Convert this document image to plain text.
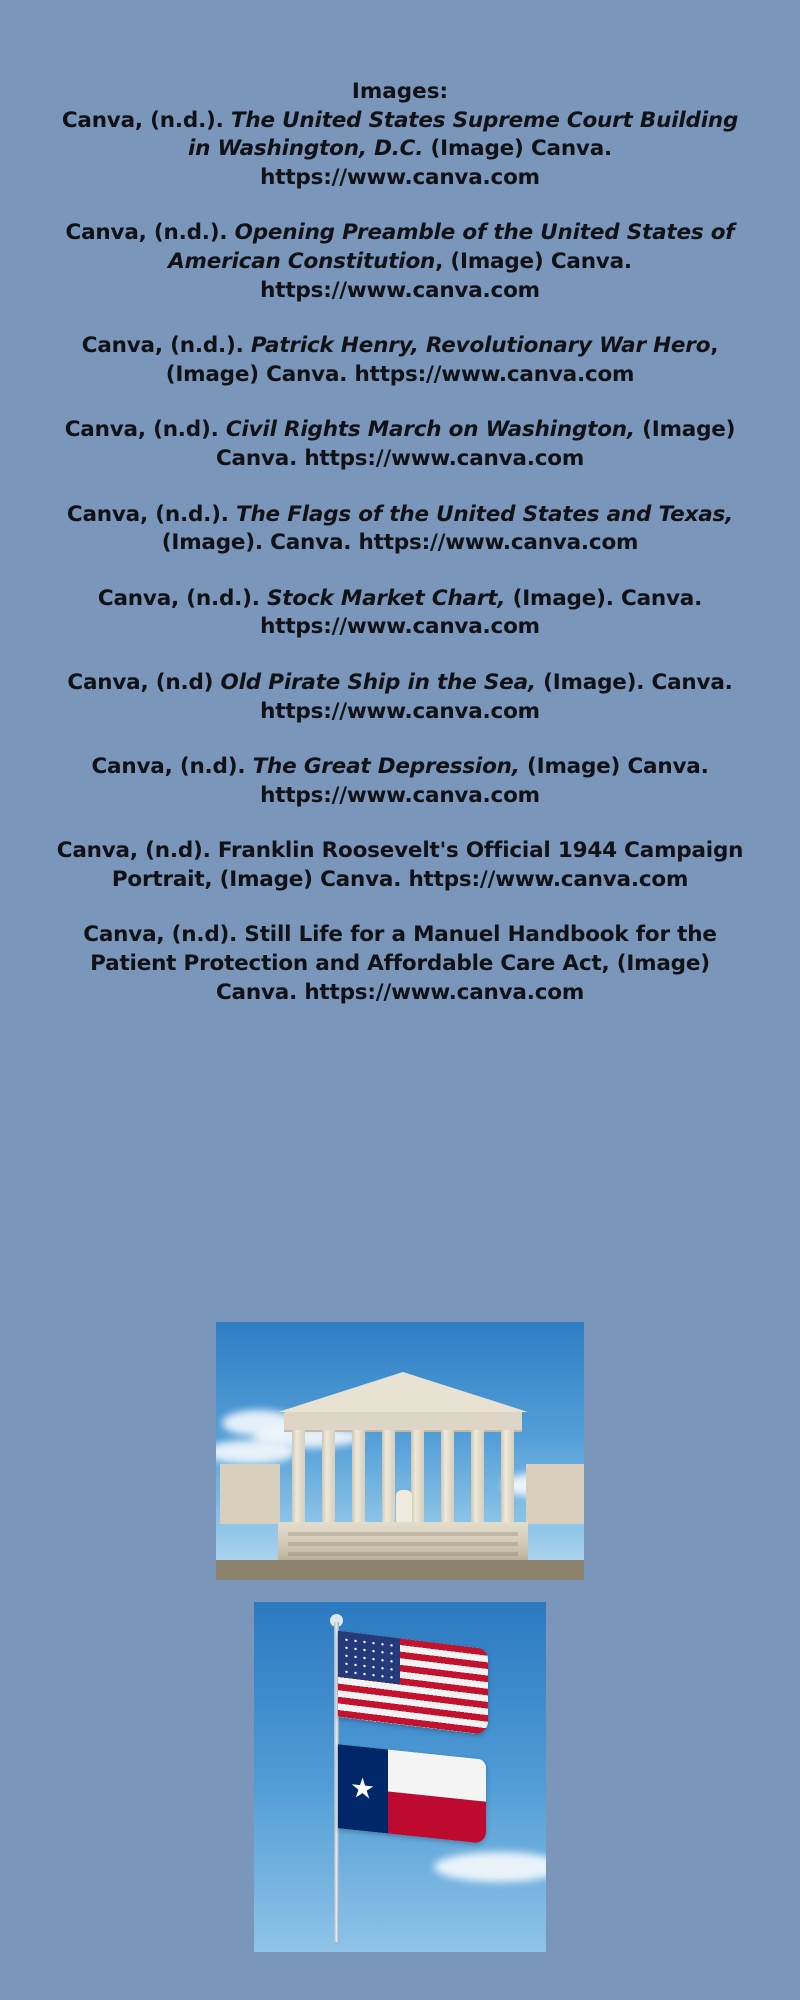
Images:
Canva, (n.d.). The United States Supreme Court Building in Washington, D.C. (Image) Canva. https://www.canva.com
Canva, (n.d.). Opening Preamble of the United States of American Constitution, (Image) Canva. https://www.canva.com
Canva, (n.d.). Patrick Henry, Revolutionary War Hero, (Image) Canva. https://www.canva.com
Canva, (n.d). Civil Rights March on Washington, (Image) Canva. https://www.canva.com
Canva, (n.d.). The Flags of the United States and Texas, (Image). Canva. https://www.canva.com
Canva, (n.d.). Stock Market Chart, (Image). Canva. https://www.canva.com
Canva, (n.d) Old Pirate Ship in the Sea, (Image). Canva. https://www.canva.com
Canva, (n.d). The Great Depression, (Image) Canva. https://www.canva.com
Canva, (n.d). Franklin Roosevelt's Official 1944 Campaign Portrait, (Image) Canva. https://www.canva.com
Canva, (n.d). Still Life for a Manuel Handbook for the Patient Protection and Affordable Care Act, (Image) Canva. https://www.canva.com
★
